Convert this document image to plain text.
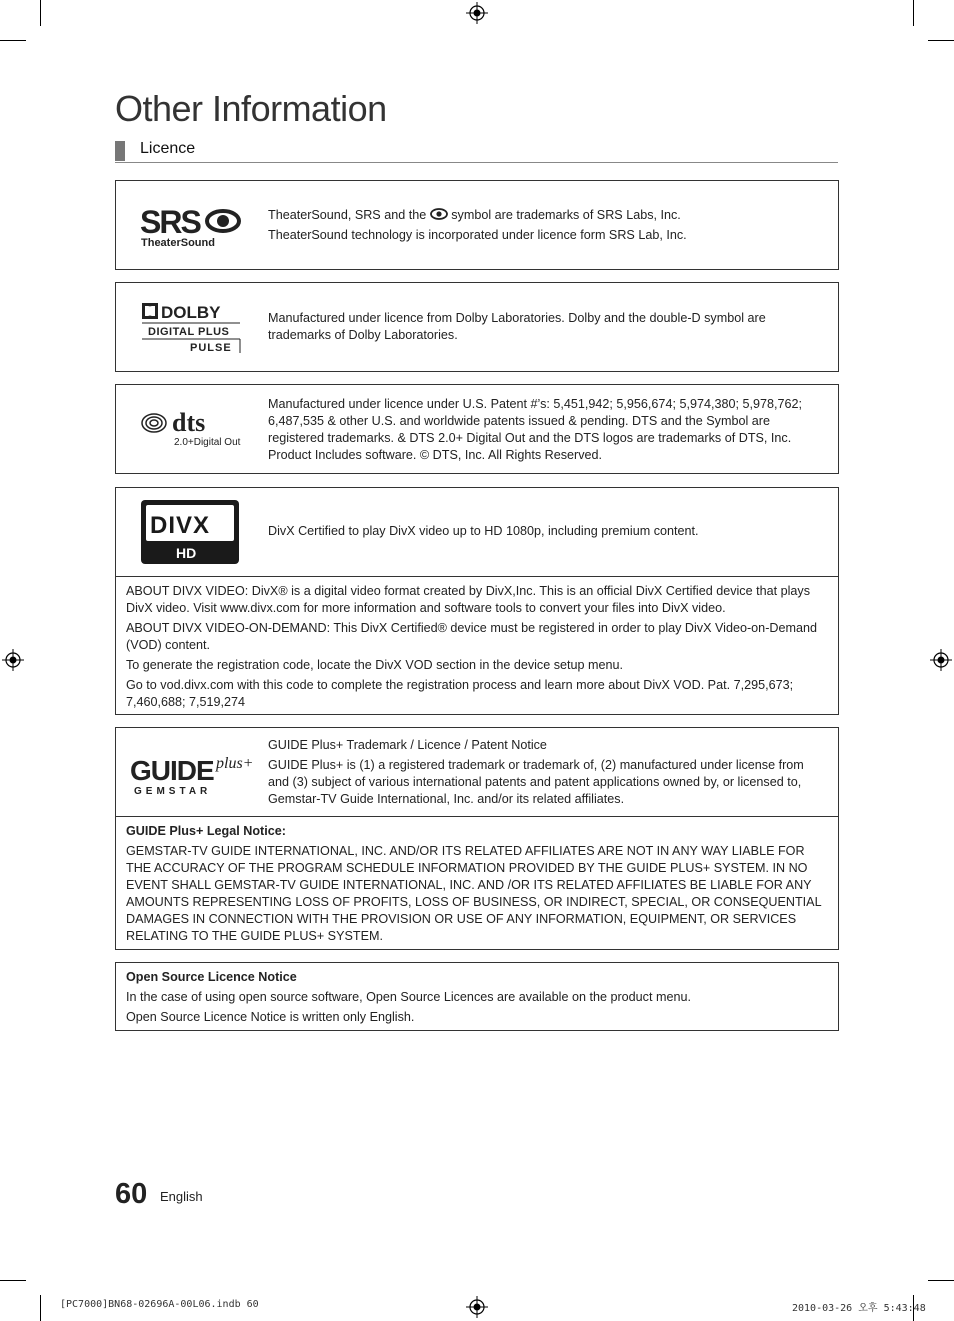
Other Information
Licence
SRS
TheaterSound

TheaterSound, SRS and the  symbol are trademarks of SRS Labs, Inc.

TheaterSound technology is incorporated under licence form SRS Lab, Inc.

DOLBY
DIGITAL PLUS
PULSE
Manufactured under licence from Dolby Laboratories. Dolby and the double-D symbol are trademarks of Dolby Laboratories.
dts
2.0+Digital Out
Manufactured under licence under U.S. Patent #’s: 5,451,942; 5,956,674; 5,974,380; 5,978,762; 6,487,535 & other U.S. and worldwide patents issued & pending. DTS and the Symbol are registered trademarks. & DTS 2.0+ Digital Out and the DTS logos are trademarks of DTS, Inc. Product Includes software. © DTS, Inc. All Rights Reserved.
DIVX
HD
DivX Certified to play DivX video up to HD 1080p, including premium content.

ABOUT DIVX VIDEO: DivX® is a digital video format created by DivX,Inc. This is an official DivX Certified device that plays DivX video. Visit www.divx.com for more information and software tools to convert your files into DivX video.

ABOUT DIVX VIDEO-ON-DEMAND: This DivX Certified® device must be registered in order to play DivX Video-on-Demand (VOD) content.

To generate the registration code, locate the DivX VOD section in the device setup menu.

Go to vod.divx.com with this code to complete the registration process and learn more about DivX VOD. Pat. 7,295,673; 7,460,688; 7,519,274

GUIDE plus+
GEMSTAR

GUIDE Plus+ Trademark / Licence / Patent Notice

GUIDE Plus+ is (1) a registered trademark or trademark of, (2) manufactured under license from and (3) subject of various international patents and patent applications owned by, or licensed to, Gemstar-TV Guide International, Inc. and/or its related affiliates.

GUIDE Plus+ Legal Notice:

GEMSTAR-TV GUIDE INTERNATIONAL, INC. AND/OR ITS RELATED AFFILIATES ARE NOT IN ANY WAY LIABLE FOR THE ACCURACY OF THE PROGRAM SCHEDULE INFORMATION PROVIDED BY THE GUIDE PLUS+ SYSTEM. IN NO EVENT SHALL GEMSTAR-TV GUIDE INTERNATIONAL, INC. AND /OR ITS RELATED AFFILIATES BE LIABLE FOR ANY AMOUNTS REPRESENTING LOSS OF PROFITS, LOSS OF BUSINESS, OR INDIRECT, SPECIAL, OR CONSEQUENTIAL DAMAGES IN CONNECTION WITH THE PROVISION OR USE OF ANY INFORMATION, EQUIPMENT, OR SERVICES RELATING TO THE GUIDE PLUS+ SYSTEM.

Open Source Licence Notice

In the case of using open source software, Open Source Licences are available on the product menu.

Open Source Licence Notice is written only English.

60 English
[PC7000]BN68-02696A-00L06.indb 60	2010-03-26 오후 5:43:48
